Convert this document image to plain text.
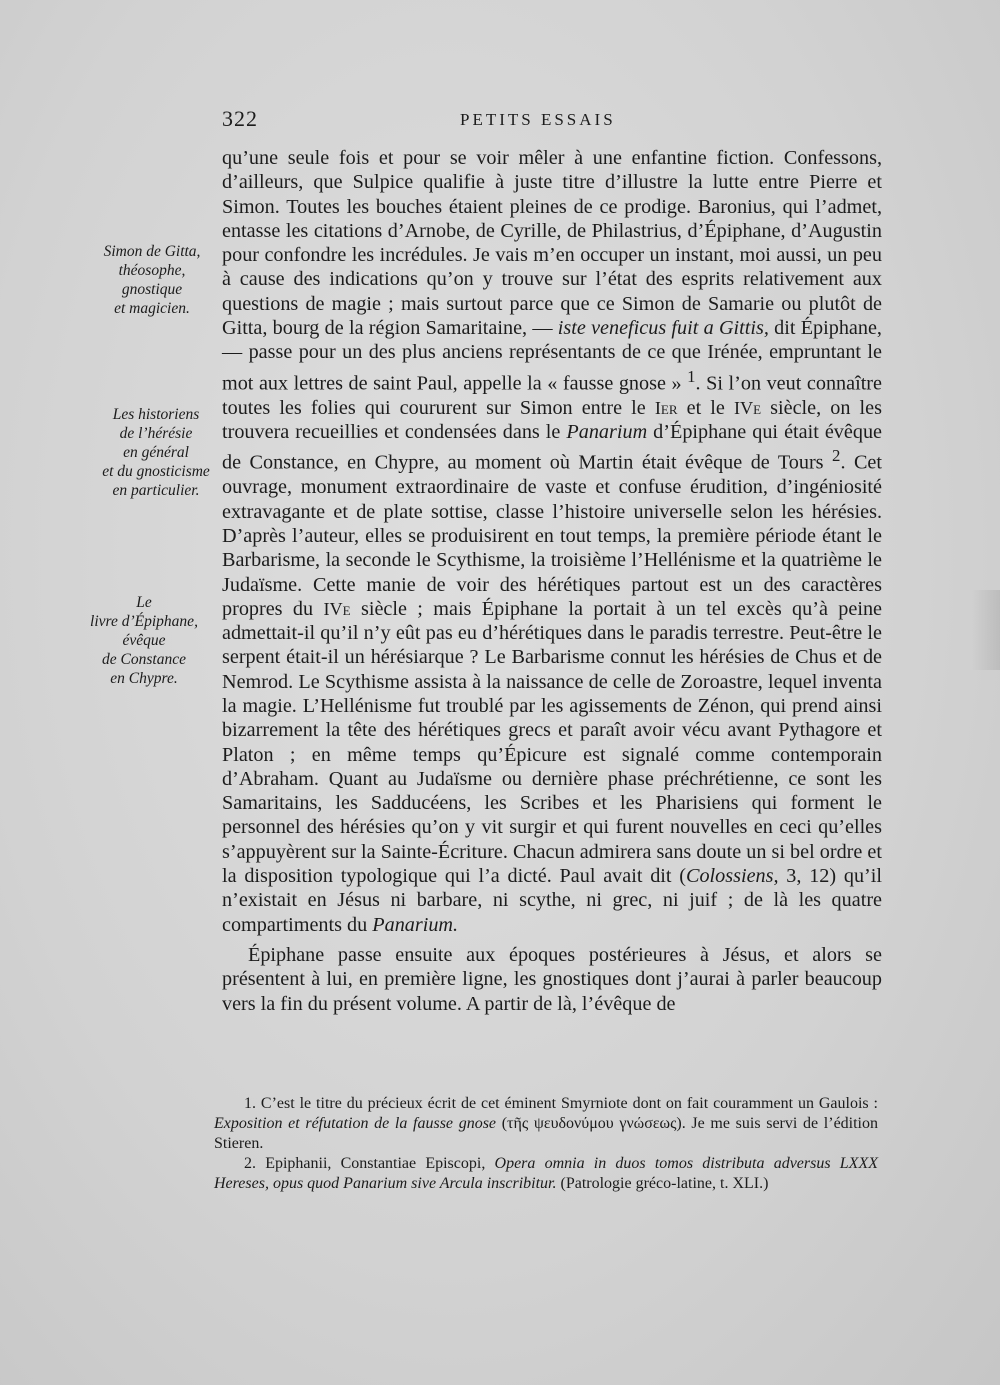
322	PETITS ESSAIS
Simon de Gitta,
théosophe,
gnostique
et magicien.
Les historiens
de l’hérésie
en général
et du gnosticisme
en particulier.
Le
livre d’Épiphane,
évêque
de Constance
en Chypre.

qu’une seule fois et pour se voir mêler à une enfantine fiction. Confessons, d’ailleurs, que Sulpice qualifie à juste titre d’illustre la lutte entre Pierre et Simon. Toutes les bouches étaient pleines de ce prodige. Baronius, qui l’admet, entasse les citations d’Arnobe, de Cyrille, de Philastrius, d’Épiphane, d’Augustin pour confondre les incrédules. Je vais m’en occuper un instant, moi aussi, un peu à cause des indications qu’on y trouve sur l’état des esprits relativement aux questions de magie ; mais surtout parce que ce Simon de Samarie ou plutôt de Gitta, bourg de la région Samaritaine, — iste veneficus fuit a Gittis, dit Épiphane, — passe pour un des plus anciens représentants de ce que Irénée, empruntant le mot aux lettres de saint Paul, appelle la « fausse gnose » $^1$. Si l’on veut connaître toutes les folies qui coururent sur Simon entre le Ier et le IVe siècle, on les trouvera recueillies et condensées dans le Panarium d’Épiphane qui était évêque de Constance, en Chypre, au moment où Martin était évêque de Tours $^2$. Cet ouvrage, monument extraordinaire de vaste et confuse érudition, d’ingéniosité extravagante et de plate sottise, classe l’histoire universelle selon les hérésies. D’après l’auteur, elles se produisirent en tout temps, la première période étant le Barbarisme, la seconde le Scythisme, la troisième l’Hellénisme et la quatrième le Judaïsme. Cette manie de voir des hérétiques partout est un des caractères propres du IVe siècle ; mais Épiphane la portait à un tel excès qu’à peine admettait-il qu’il n’y eût pas eu d’hérétiques dans le paradis terrestre. Peut-être le serpent était-il un hérésiarque ? Le Barbarisme connut les hérésies de Chus et de Nemrod. Le Scythisme assista à la naissance de celle de Zoroastre, lequel inventa la magie. L’Hellénisme fut troublé par les agissements de Zénon, qui prend ainsi bizarrement la tête des hérétiques grecs et paraît avoir vécu avant Pythagore et Platon ; en même temps qu’Épicure est signalé comme contemporain d’Abraham. Quant au Judaïsme ou dernière phase préchrétienne, ce sont les Samaritains, les Sadducéens, les Scribes et les Pharisiens qui forment le personnel des hérésies qu’on y vit surgir et qui furent nouvelles en ceci qu’elles s’appuyèrent sur la Sainte-Écriture. Chacun admirera sans doute un si bel ordre et la disposition typologique qui l’a dicté. Paul avait dit (Colossiens, 3, 12) qu’il n’existait en Jésus ni barbare, ni scythe, ni grec, ni juif ; de là les quatre compartiments du Panarium.

Épiphane passe ensuite aux époques postérieures à Jésus, et alors se présentent à lui, en première ligne, les gnostiques dont j’aurai à parler beaucoup vers la fin du présent volume. A partir de là, l’évêque de

1. C’est le titre du précieux écrit de cet éminent Smyrniote dont on fait couramment un Gaulois : Exposition et réfutation de la fausse gnose (τῆς ψευδονύμου γνώσεως). Je me suis servi de l’édition Stieren.

2. Epiphanii, Constantiae Episcopi, Opera omnia in duos tomos distributa adversus LXXX Hereses, opus quod Panarium sive Arcula inscribitur. (Patrologie gréco-latine, t. XLI.)
